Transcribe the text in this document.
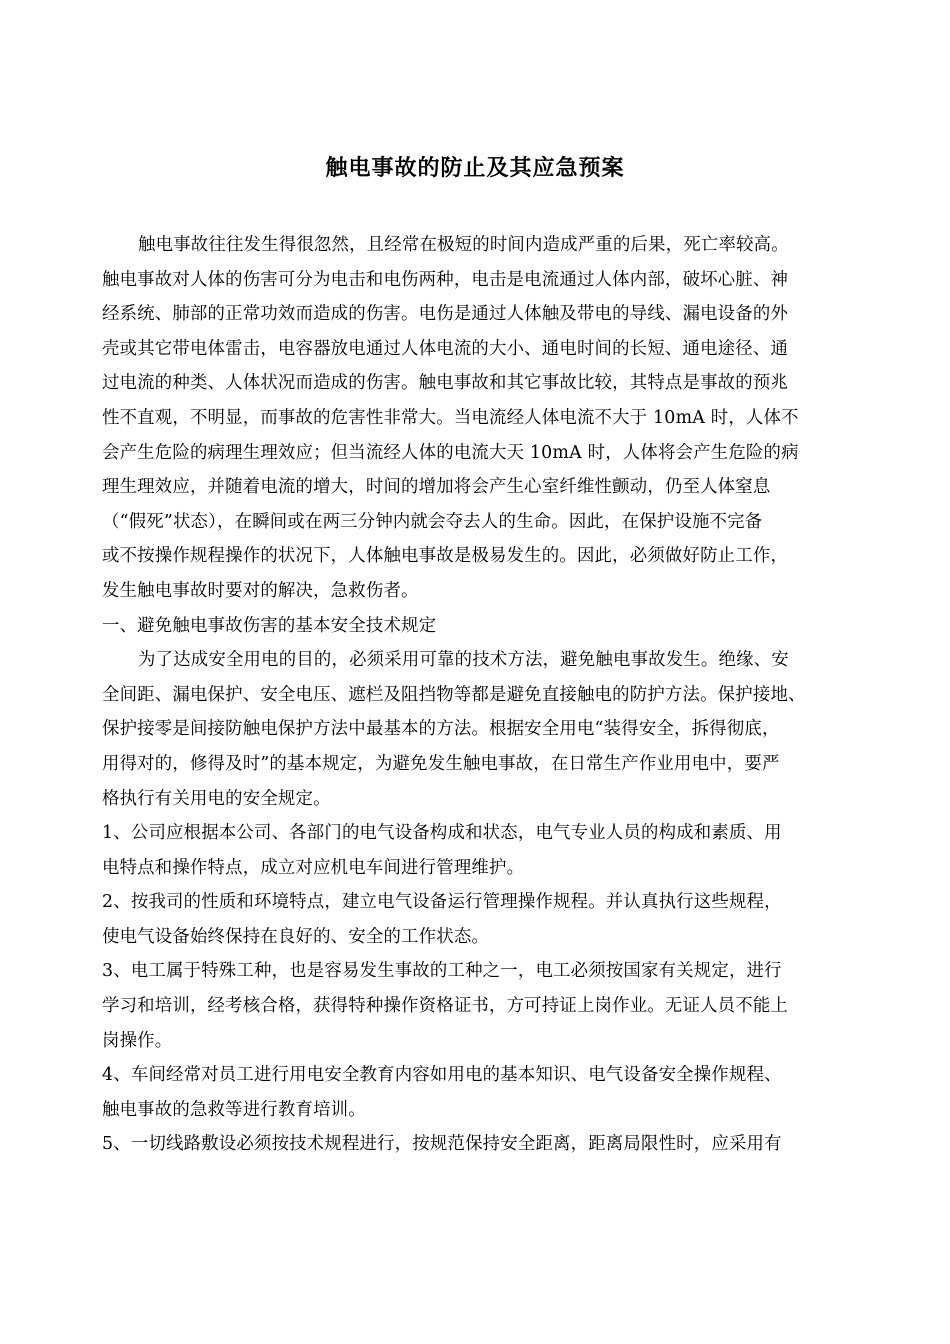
触电事故的防止及其应急预案
触电事故往往发生得很忽然，且经常在极短的时间内造成严重的后果，死亡率较高。
触电事故对人体的伤害可分为电击和电伤两种，电击是电流通过人体内部，破坏心脏、神
经系统、肺部的正常功效而造成的伤害。电伤是通过人体触及带电的导线、漏电设备的外
壳或其它带电体雷击，电容器放电通过人体电流的大小、通电时间的长短、通电途径、通
过电流的种类、人体状况而造成的伤害。触电事故和其它事故比较，其特点是事故的预兆
性不直观，不明显，而事故的危害性非常大。当电流经人体电流不大于 10mA 时，人体不
会产生危险的病理生理效应；但当流经人体的电流大天 10mA 时，人体将会产生危险的病
理生理效应，并随着电流的增大，时间的增加将会产生心室纤维性颤动，仍至人体窒息
（“假死”状态），在瞬间或在两三分钟内就会夺去人的生命。因此，在保护设施不完备
或不按操作规程操作的状况下，人体触电事故是极易发生的。因此，必须做好防止工作，
发生触电事故时要对的解决，急救伤者。
一、避免触电事故伤害的基本安全技术规定
为了达成安全用电的目的，必须采用可靠的技术方法，避免触电事故发生。绝缘、安
全间距、漏电保护、安全电压、遮栏及阻挡物等都是避免直接触电的防护方法。保护接地、
保护接零是间接防触电保护方法中最基本的方法。根据安全用电“装得安全，拆得彻底，
用得对的，修得及时”的基本规定，为避免发生触电事故，在日常生产作业用电中，要严
格执行有关用电的安全规定。
1、公司应根据本公司、各部门的电气设备构成和状态，电气专业人员的构成和素质、用
电特点和操作特点，成立对应机电车间进行管理维护。
2、按我司的性质和环境特点，建立电气设备运行管理操作规程。并认真执行这些规程，
使电气设备始终保持在良好的、安全的工作状态。
3、电工属于特殊工种，也是容易发生事故的工种之一，电工必须按国家有关规定，进行
学习和培训，经考核合格，获得特种操作资格证书，方可持证上岗作业。无证人员不能上
岗操作。
4、车间经常对员工进行用电安全教育内容如用电的基本知识、电气设备安全操作规程、
触电事故的急救等进行教育培训。
5、一切线路敷设必须按技术规程进行，按规范保持安全距离，距离局限性时，应采用有
